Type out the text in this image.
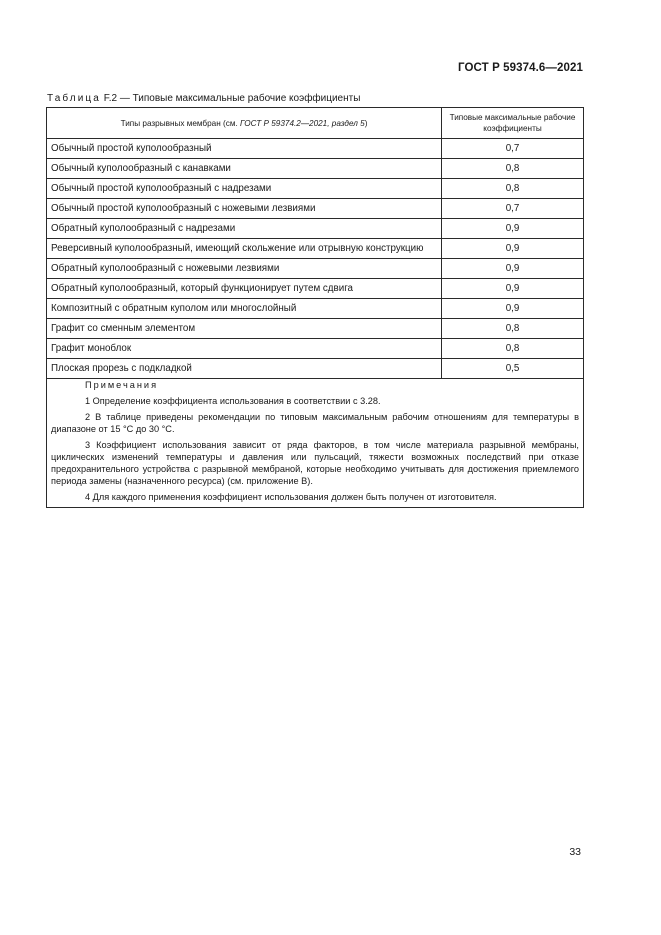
ГОСТ Р 59374.6—2021
Таблица F.2 — Типовые максимальные рабочие коэффициенты
Типы разрывных мембран (см. ГОСТ Р 59374.2—2021, раздел 5)	Типовые максимальные рабочие коэффициенты
Обычный простой куполообразный	0,7
Обычный куполообразный с канавками	0,8
Обычный простой куполообразный с надрезами	0,8
Обычный простой куполообразный с ножевыми лезвиями	0,7
Обратный куполообразный с надрезами	0,9
Реверсивный куполообразный, имеющий скольжение или отрывную конструкцию	0,9
Обратный куполообразный с ножевыми лезвиями	0,9
Обратный куполообразный, который функционирует путем сдвига	0,9
Композитный с обратным куполом или многослойный	0,9
Графит со сменным элементом	0,8
Графит моноблок	0,8
Плоская прорезь с подкладкой	0,5

Примечания
1 Определение коэффициента использования в соответствии с 3.28.
2 В таблице приведены рекомендации по типовым максимальным рабочим отношениям для температуры в диапазоне от 15 °С до 30 °С.
3 Коэффициент использования зависит от ряда факторов, в том числе материала разрывной мембраны, циклических изменений температуры и давления или пульсаций, тяжести возможных последствий при отказе предохранительного устройства с разрывной мембраной, которые необходимо учитывать для достижения приемлемого периода замены (назначенного ресурса) (см. приложение В).
4 Для каждого применения коэффициент использования должен быть получен от изготовителя.	
33
